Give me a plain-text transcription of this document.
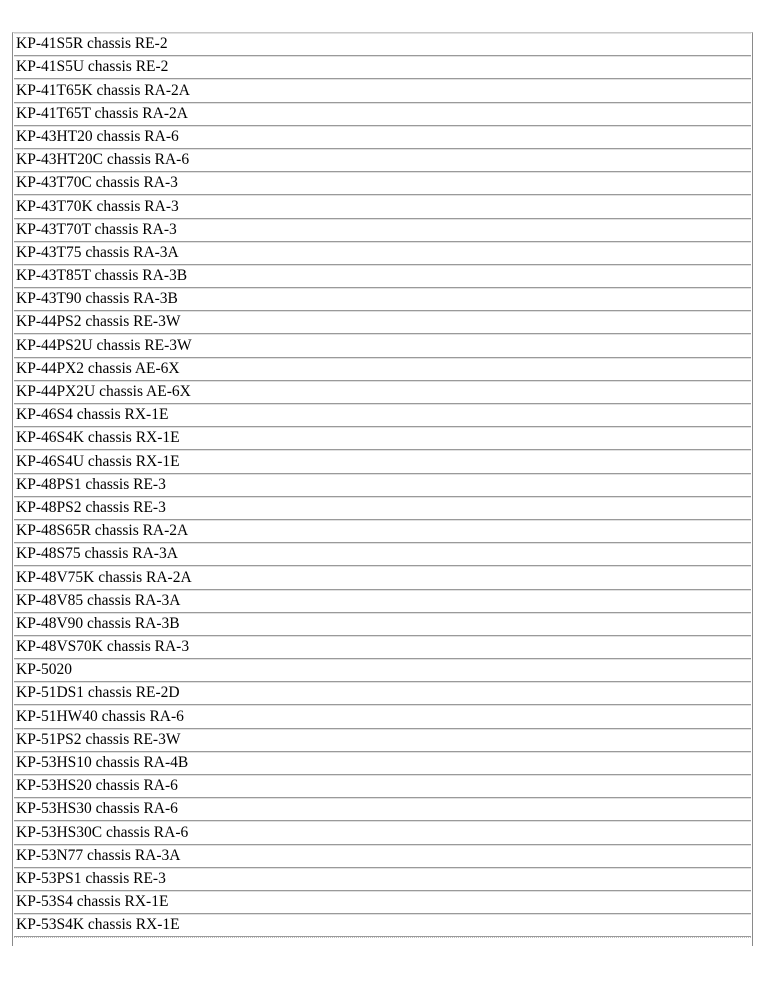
KP-41S5R chassis RE-2
KP-41S5U chassis RE-2
KP-41T65K chassis RA-2A
KP-41T65T chassis RA-2A
KP-43HT20 chassis RA-6
KP-43HT20C chassis RA-6
KP-43T70C chassis RA-3
KP-43T70K chassis RA-3
KP-43T70T chassis RA-3
KP-43T75 chassis RA-3A
KP-43T85T chassis RA-3B
KP-43T90 chassis RA-3B
KP-44PS2 chassis RE-3W
KP-44PS2U chassis RE-3W
KP-44PX2 chassis AE-6X
KP-44PX2U chassis AE-6X
KP-46S4 chassis RX-1E
KP-46S4K chassis RX-1E
KP-46S4U chassis RX-1E
KP-48PS1 chassis RE-3
KP-48PS2 chassis RE-3
KP-48S65R chassis RA-2A
KP-48S75 chassis RA-3A
KP-48V75K chassis RA-2A
KP-48V85 chassis RA-3A
KP-48V90 chassis RA-3B
KP-48VS70K chassis RA-3
KP-5020
KP-51DS1 chassis RE-2D
KP-51HW40 chassis RA-6
KP-51PS2 chassis RE-3W
KP-53HS10 chassis RA-4B
KP-53HS20 chassis RA-6
KP-53HS30 chassis RA-6
KP-53HS30C chassis RA-6
KP-53N77 chassis RA-3A
KP-53PS1 chassis RE-3
KP-53S4 chassis RX-1E
KP-53S4K chassis RX-1E
